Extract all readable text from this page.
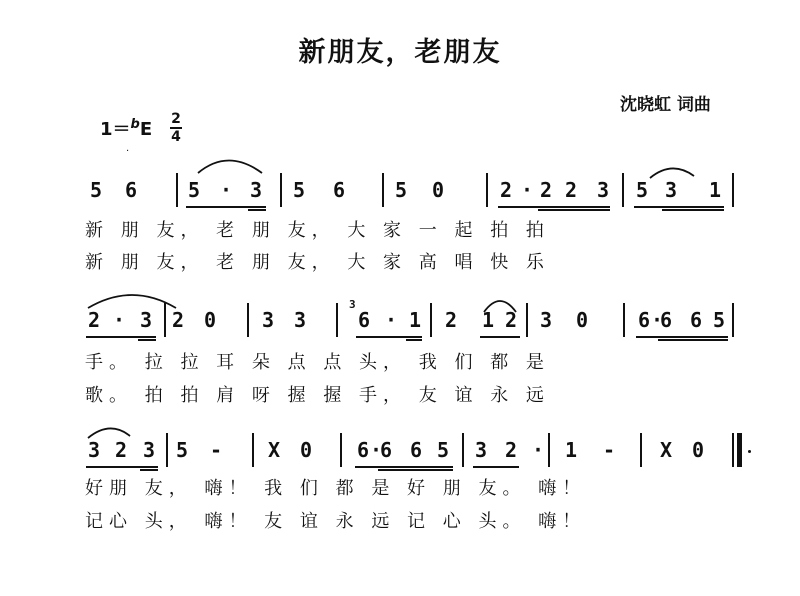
新朋友，老朋友
沈晓虹 词曲
1＝$^b$E 2
4
5 6	5 · 3 5 6 5 0	2 · 2 2 3 5 3 1
新 朋 友， 老 朋 友， 大 家 一 起 拍 拍
新 朋 友， 老 朋 友， 大 家 高 唱 快 乐
2 · 3 2 0 3 3	6 · 1 2 1 2 3 0 6 ·
6 6 5
3
手。 拉 拉 耳 朵 点 点 头， 我 们 都 是
歌。 拍 拍 肩 呀 握 握 手， 友 谊 永 远
3 2 3 5 - X 0 6 ·
6 6 5 3 2 · 1 - X 0
好朋 友， 嗨！ 我 们 都 是 好 朋 友。 嗨！
记心 头， 嗨！ 友 谊 永 远 记 心 头。 嗨！
·
